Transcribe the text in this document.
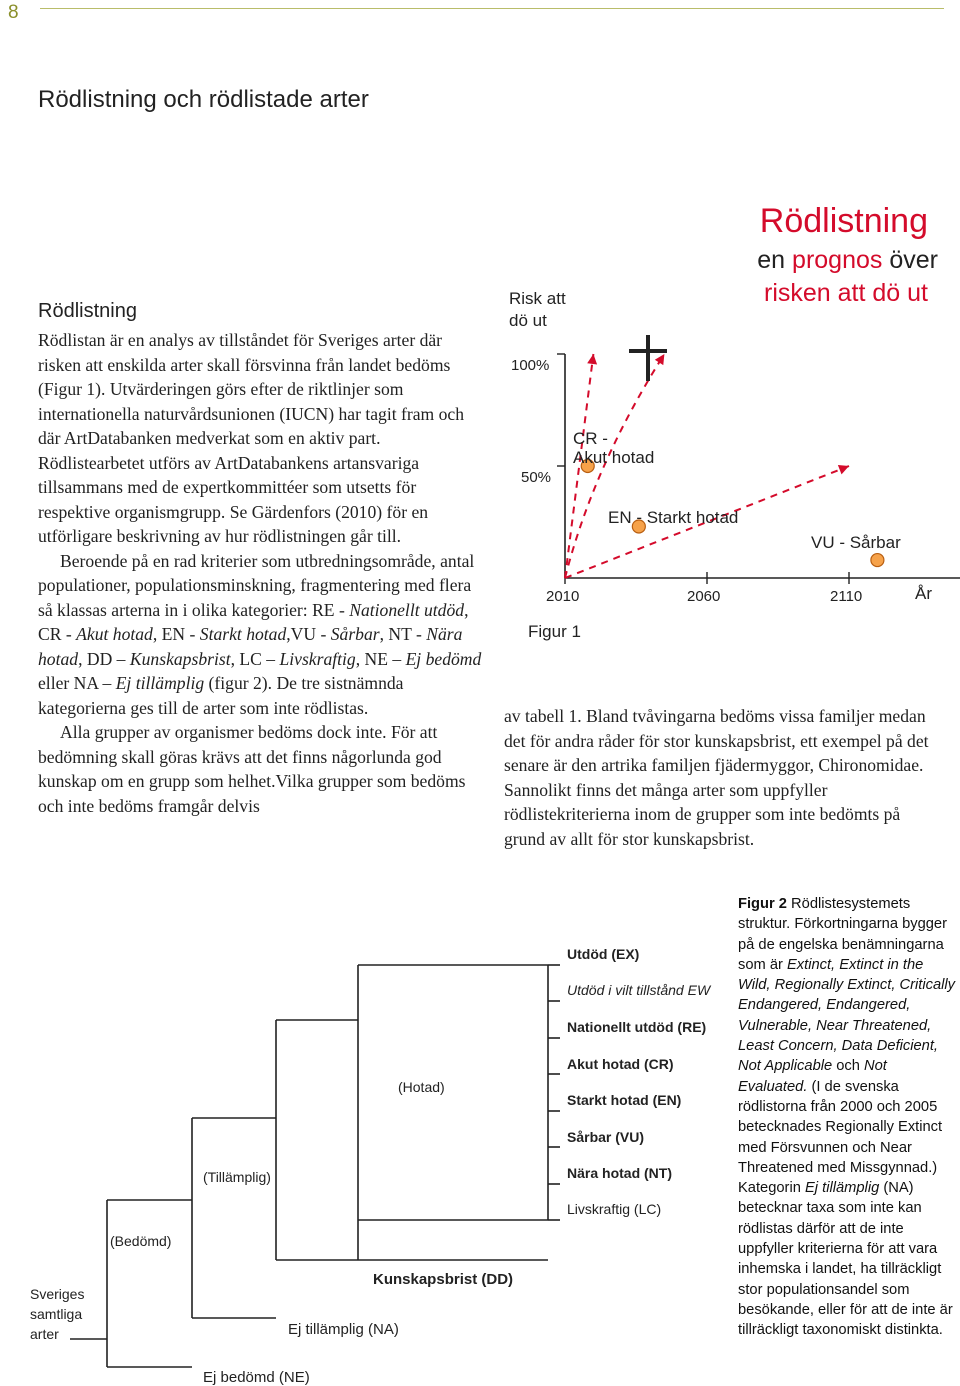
8
Rödlistning och rödlistade arter
Rödlistning

Rödlistan är en analys av tillståndet för Sveriges arter där risken att enskilda arter skall försvinna från landet bedöms (Figur 1). Utvärderingen görs efter de riktlinjer som internationella naturvårdsunionen (IUCN) har tagit fram och där ArtDatabanken medverkat som en aktiv part. Rödlistearbetet utförs av ArtDatabankens artansvariga tillsammans med de expertkommittéer som utsetts för respektive organismgrupp. Se Gärdenfors (2010) för en utförligare beskrivning av hur rödlistningen går till.

Beroende på en rad kriterier som utbredningsområde, antal populationer, populationsminskning, fragmentering med flera så klassas arterna in i olika kategorier: RE - Nationellt utdöd, CR - Akut hotad, EN - Starkt hotad,VU - Sårbar, NT - Nära hotad, DD – Kunskapsbrist, LC – Livskraftig, NE – Ej bedömd eller NA – Ej tillämplig (figur 2). De tre sistnämnda kategorierna ges till de arter som inte rödlistas.

Alla grupper av organismer bedöms dock inte. För att bedömning skall göras krävs att det finns någorlunda god kunskap om en grupp som helhet.Vilka grupper som bedöms och inte bedöms framgår delvis

av tabell 1. Bland tvåvingarna bedöms vissa familjer medan det för andra råder för stor kunskapsbrist, ett exempel på det senare är den artrika familjen fjädermyggor, Chironomidae. Sannolikt finns det många arter som uppfyller rödlistekriterierna inom de grupper som inte bedömts på grund av allt för stor kunskapsbrist.
Rödlistning
en prognos över
risken att dö ut
Risk att
dö ut
CR -
Akut hotad
EN - Starkt hotad
VU - Sårbar
2010	2060	2110	År
100%
50%
Figur 1
Sveriges
samtliga
arter
(Bedömd)
(Tillämplig)
(Hotad)
Ej bedömd (NE)
Ej tillämplig (NA)
Kunskapsbrist (DD)
Utdöd (EX)
Utdöd i vilt tillstånd EW
Nationellt utdöd (RE)
Akut hotad (CR)
Starkt hotad (EN)
Sårbar (VU)
Nära hotad (NT)
Livskraftig (LC)
Figur 2 Rödlistesystemets struktur. Förkortningarna bygger på de engelska benämningarna som är Extinct, Extinct in the Wild, Regionally Extinct, Critically Endangered, Endangered, Vulnerable, Near Threatened, Least Concern, Data Deficient, Not Applicable och Not Evaluated. (I de svenska rödlistorna från 2000 och 2005 betecknades Regionally Extinct med Försvunnen och Near Threatened med Missgynnad.) Kategorin Ej tillämplig (NA) betecknar taxa som inte kan rödlistas därför att de inte uppfyller kriterierna för att vara inhemska i landet, ha tillräckligt stor populationsandel som besökande, eller för att de inte är tillräckligt taxonomiskt distinkta.
